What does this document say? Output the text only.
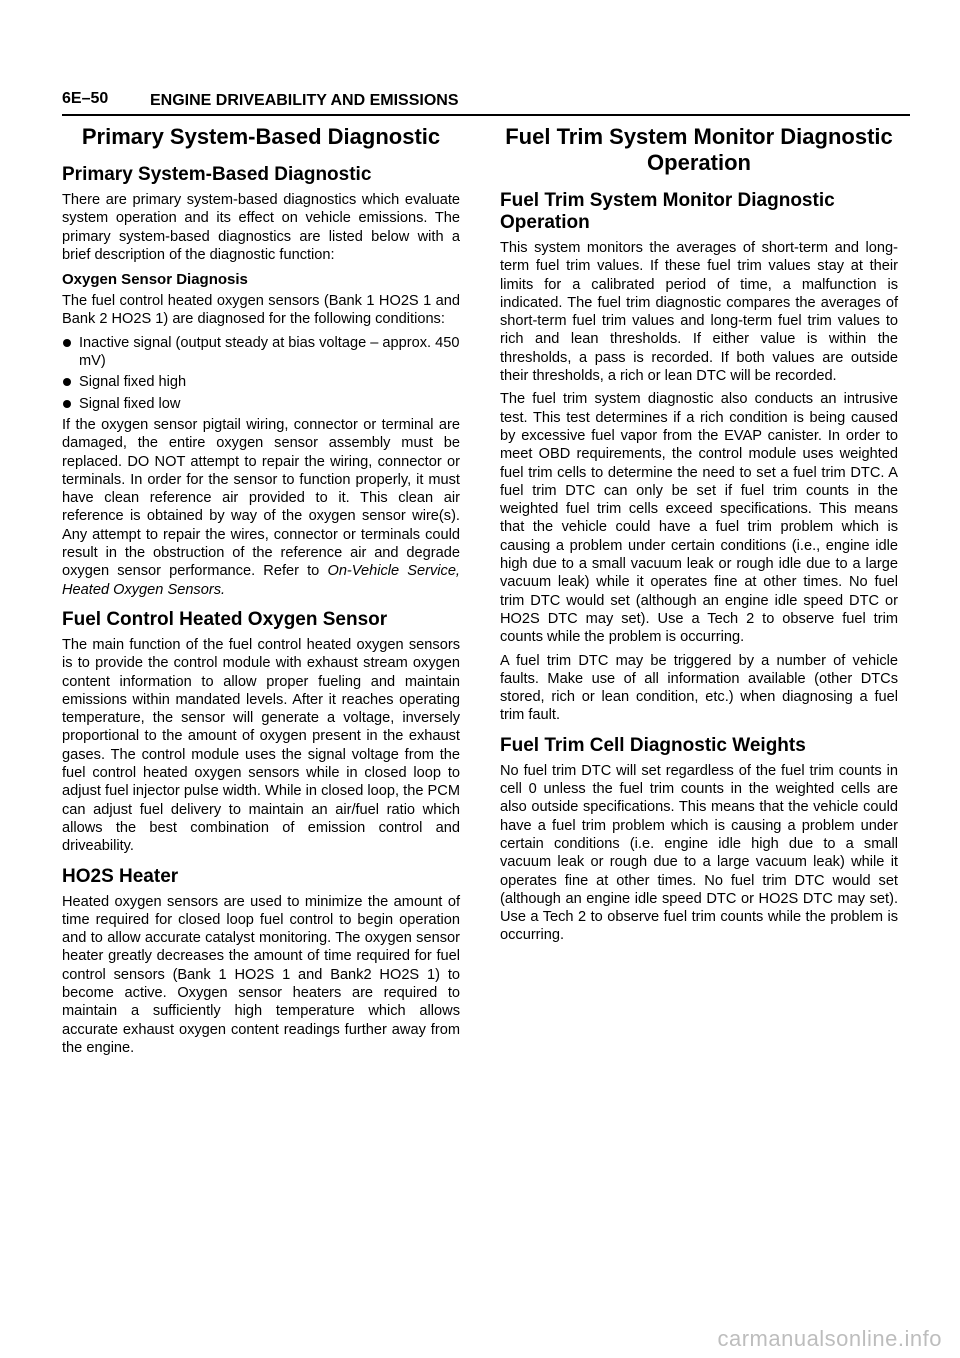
6E–50	ENGINE DRIVEABILITY AND EMISSIONS
Primary System-Based Diagnostic
Primary System-Based Diagnostic

There are primary system-based diagnostics which evaluate system operation and its effect on vehicle emissions. The primary system-based diagnostics are listed below with a brief description of the diagnostic function:

Oxygen Sensor Diagnosis

The fuel control heated oxygen sensors (Bank 1 HO2S 1 and Bank 2 HO2S 1) are diagnosed for the following conditions:

Inactive signal (output steady at bias voltage – approx. 450 mV)
Signal fixed high
Signal fixed low

If the oxygen sensor pigtail wiring, connector or terminal are damaged, the entire oxygen sensor assembly must be replaced. DO NOT attempt to repair the wiring, connector or terminals. In order for the sensor to function properly, it must have clean reference air provided to it. This clean air reference is obtained by way of the oxygen sensor wire(s). Any attempt to repair the wires, connector or terminals could result in the obstruction of the reference air and degrade oxygen sensor performance. Refer to On-Vehicle Service, Heated Oxygen Sensors.

Fuel Control Heated Oxygen Sensor

The main function of the fuel control heated oxygen sensors is to provide the control module with exhaust stream oxygen content information to allow proper fueling and maintain emissions within mandated levels. After it reaches operating temperature, the sensor will generate a voltage, inversely proportional to the amount of oxygen present in the exhaust gases. The control module uses the signal voltage from the fuel control heated oxygen sensors while in closed loop to adjust fuel injector pulse width. While in closed loop, the PCM can adjust fuel delivery to maintain an air/fuel ratio which allows the best combination of emission control and driveability.

HO2S Heater

Heated oxygen sensors are used to minimize the amount of time required for closed loop fuel control to begin operation and to allow accurate catalyst monitoring. The oxygen sensor heater greatly decreases the amount of time required for fuel control sensors (Bank 1 HO2S 1 and Bank2 HO2S 1) to become active. Oxygen sensor heaters are required to maintain a sufficiently high temperature which allows accurate exhaust oxygen content readings further away from the engine.

Fuel Trim System Monitor Diagnostic Operation
Fuel Trim System Monitor Diagnostic Operation

This system monitors the averages of short-term and long-term fuel trim values. If these fuel trim values stay at their limits for a calibrated period of time, a malfunction is indicated. The fuel trim diagnostic compares the averages of short-term fuel trim values and long-term fuel trim values to rich and lean thresholds. If either value is within the thresholds, a pass is recorded. If both values are outside their thresholds, a rich or lean DTC will be recorded.

The fuel trim system diagnostic also conducts an intrusive test. This test determines if a rich condition is being caused by excessive fuel vapor from the EVAP canister. In order to meet OBD requirements, the control module uses weighted fuel trim cells to determine the need to set a fuel trim DTC. A fuel trim DTC can only be set if fuel trim counts in the weighted fuel trim cells exceed specifications. This means that the vehicle could have a fuel trim problem which is causing a problem under certain conditions (i.e., engine idle high due to a small vacuum leak or rough idle due to a large vacuum leak) while it operates fine at other times. No fuel trim DTC would set (although an engine idle speed DTC or HO2S DTC may set). Use a Tech 2 to observe fuel trim counts while the problem is occurring.

A fuel trim DTC may be triggered by a number of vehicle faults. Make use of all information available (other DTCs stored, rich or lean condition, etc.) when diagnosing a fuel trim fault.

Fuel Trim Cell Diagnostic Weights

No fuel trim DTC will set regardless of the fuel trim counts in cell 0 unless the fuel trim counts in the weighted cells are also outside specifications. This means that the vehicle could have a fuel trim problem which is causing a problem under certain conditions (i.e. engine idle high due to a small vacuum leak or rough due to a large vacuum leak) while it operates fine at other times. No fuel trim DTC would set (although an engine idle speed DTC or HO2S DTC may set). Use a Tech 2 to observe fuel trim counts while the problem is occurring.

carmanualsonline.info
